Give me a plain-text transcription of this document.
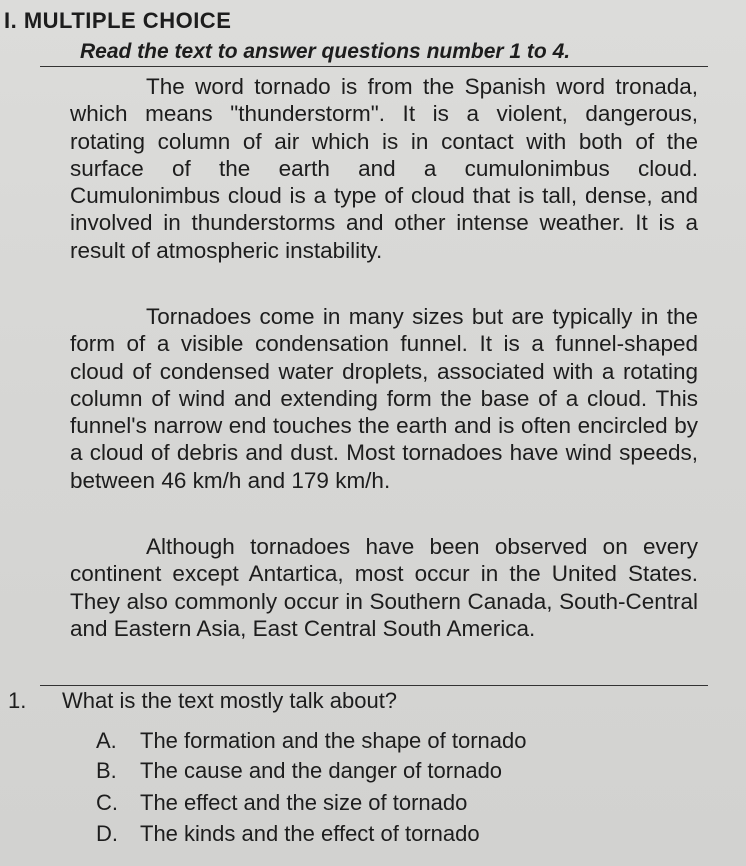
I. MULTIPLE CHOICE
Read the text to answer questions number 1 to 4.

The word tornado is from the Spanish word tronada, which means "thunderstorm". It is a violent, dangerous, rotating column of air which is in contact with both of the surface of the earth and a cumulonimbus cloud. Cumulonimbus cloud is a type of cloud that is tall, dense, and involved in thunderstorms and other intense weather. It is a result of atmospheric instability.

Tornadoes come in many sizes but are typically in the form of a visible condensation funnel. It is a funnel-shaped cloud of condensed water droplets, associated with a rotating column of wind and extending form the base of a cloud. This funnel's narrow end touches the earth and is often encircled by a cloud of debris and dust. Most tornadoes have wind speeds, between 46 km/h and 179 km/h.

Although tornadoes have been observed on every continent except Antartica, most occur in the United States. They also commonly occur in Southern Canada, South-Central and Eastern Asia, East Central South America.

1. What is the text mostly talk about?
A. The formation and the shape of tornado
B. The cause and the danger of tornado
C. The effect and the size of tornado
D. The kinds and the effect of tornado
